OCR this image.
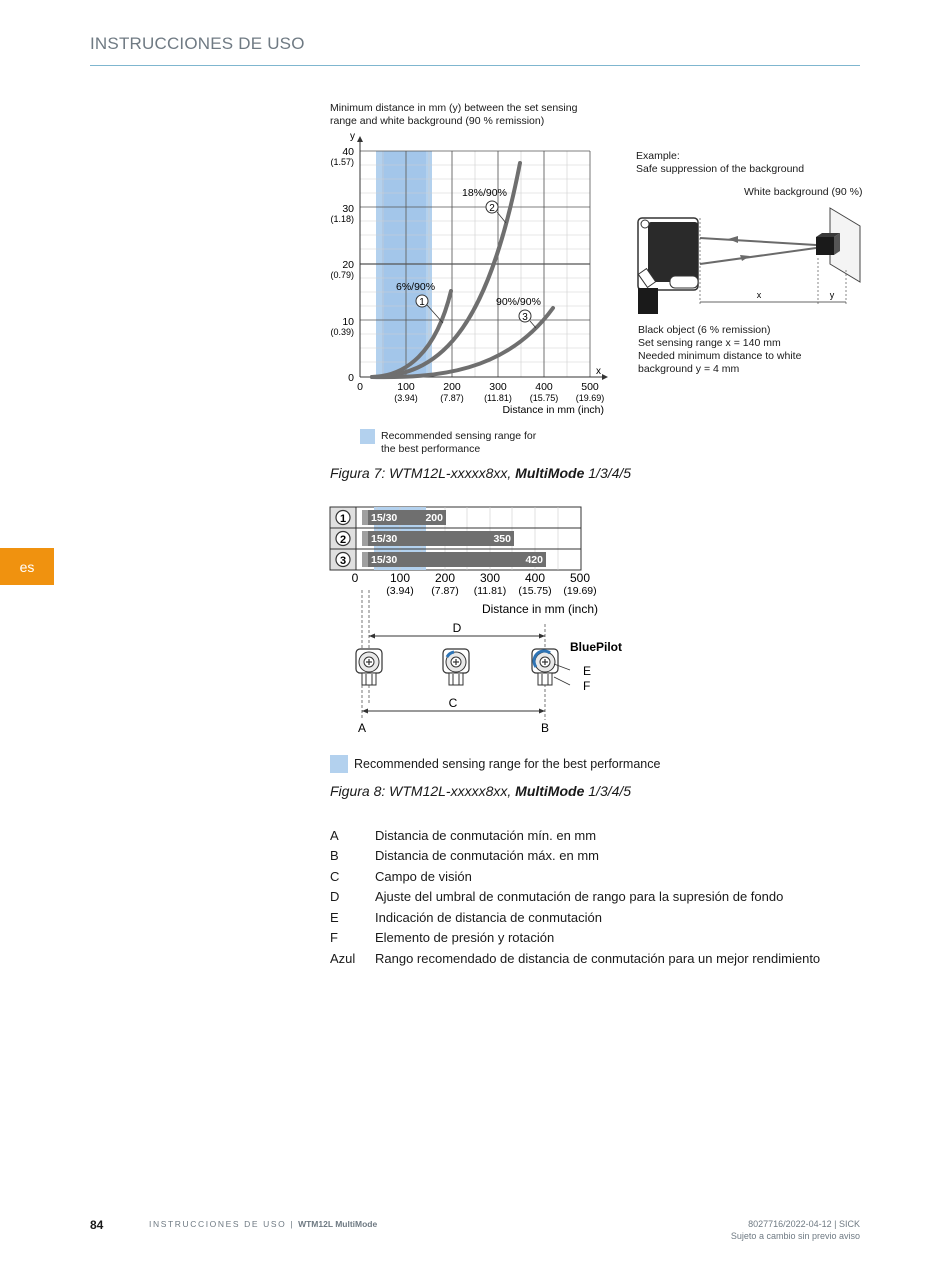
INSTRUCCIONES DE USO
es
Minimum distance in mm (y) between the set sensing range and white background (90 % remission)
y
x
40
(1.57)
30
(1.18)
20
(0.79)
10
(0.39)
0
0	100
(3.94)
200
(7.87)
300
(11.81)
400
(15.75)
500
(19.69)
Distance in mm (inch)
6%/90%
1
18%/90%
2
90%/90%
3
Example:
Safe suppression of the background
White background (90 %)
x	y
Black object (6 % remission)
Set sensing range x = 140 mm
Needed minimum distance to white
background y = 4 mm
Recommended sensing range for the best performance
Figura 7: WTM12L-xxxxx8xx, MultiMode 1/3/4/5
1
2
3
15/30	200
15/30	350
15/30	420
0	100
(3.94)
200
(7.87)
300
(11.81)
400
(15.75)
500
(19.69)
Distance in mm (inch)
D
C
A	B
BluePilot
E
F
Recommended sensing range for the best performance
Figura 8: WTM12L-xxxxx8xx, MultiMode 1/3/4/5
A	Distancia de conmutación mín. en mm
B	Distancia de conmutación máx. en mm
C	Campo de visión
D	Ajuste del umbral de conmutación de rango para la supresión de fondo
E	Indicación de distancia de conmutación
F	Elemento de presión y rotación
Azul	Rango recomendado de distancia de conmutación para un mejor rendimiento
84	INSTRUCCIONES DE USO | WTM12L MultiMode	8027716/2022-04-12 | SICK
Sujeto a cambio sin previo aviso
